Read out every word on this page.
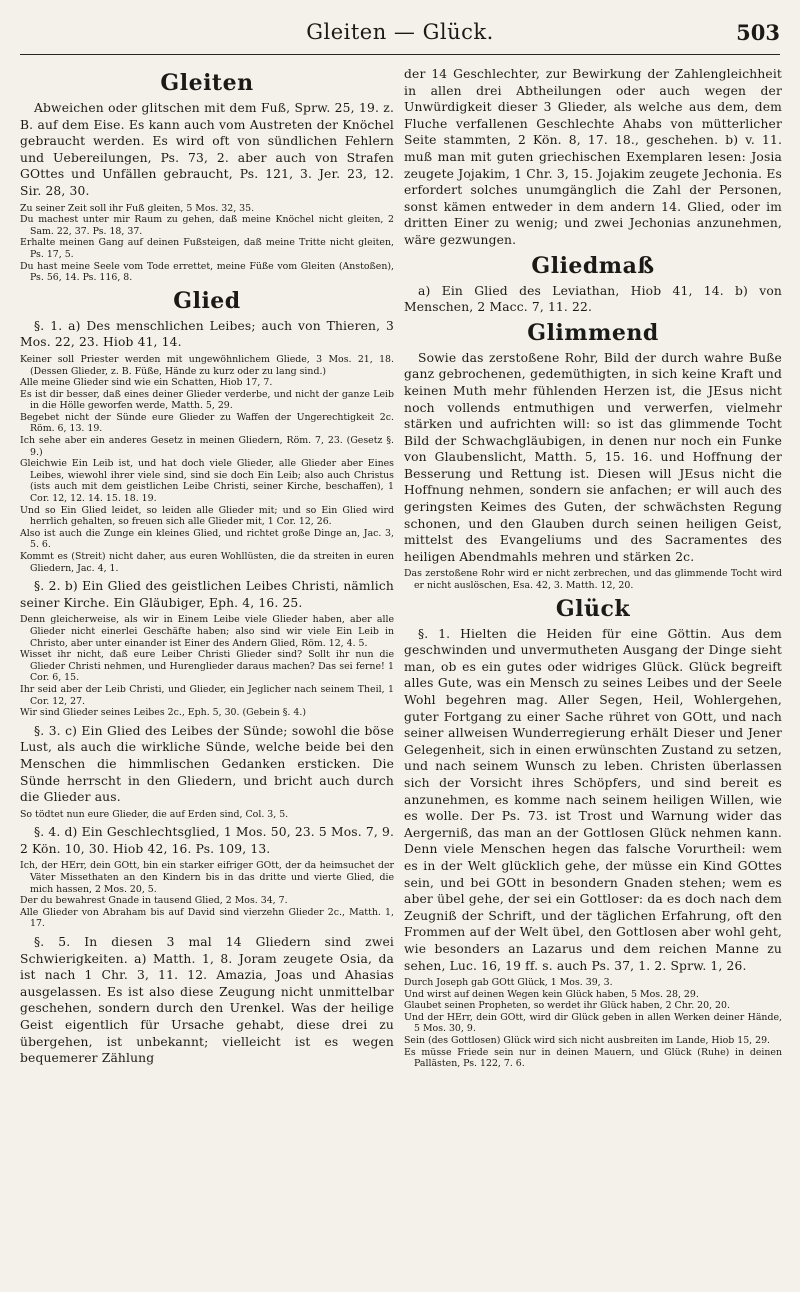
Gleiten — Glück.	503
Gleiten

Abweichen oder glitschen mit dem Fuß, Sprw. 25, 19. z. B. auf dem Eise. Es kann auch vom Austreten der Knöchel gebraucht werden. Es wird oft von sündlichen Fehlern und Uebereilungen, Ps. 73, 2. aber auch von Strafen GOttes und Unfällen gebraucht, Ps. 121, 3. Jer. 23, 12. Sir. 28, 30.

Zu seiner Zeit soll ihr Fuß gleiten, 5 Mos. 32, 35.

Du machest unter mir Raum zu gehen, daß meine Knöchel nicht gleiten, 2 Sam. 22, 37. Ps. 18, 37.

Erhalte meinen Gang auf deinen Fußsteigen, daß meine Tritte nicht gleiten, Ps. 17, 5.

Du hast meine Seele vom Tode errettet, meine Füße vom Gleiten (Anstoßen), Ps. 56, 14. Ps. 116, 8.

Glied

§. 1. a) Des menschlichen Leibes; auch von Thieren, 3 Mos. 22, 23. Hiob 41, 14.

Keiner soll Priester werden mit ungewöhnlichem Gliede, 3 Mos. 21, 18. (Dessen Glieder, z. B. Füße, Hände zu kurz oder zu lang sind.)

Alle meine Glieder sind wie ein Schatten, Hiob 17, 7.

Es ist dir besser, daß eines deiner Glieder verderbe, und nicht der ganze Leib in die Hölle geworfen werde, Matth. 5, 29.

Begebet nicht der Sünde eure Glieder zu Waffen der Ungerechtigkeit 2c. Röm. 6, 13. 19.

Ich sehe aber ein anderes Gesetz in meinen Gliedern, Röm. 7, 23. (Gesetz §. 9.)

Gleichwie Ein Leib ist, und hat doch viele Glieder, alle Glieder aber Eines Leibes, wiewohl ihrer viele sind, sind sie doch Ein Leib; also auch Christus (ists auch mit dem geistlichen Leibe Christi, seiner Kirche, beschaffen), 1 Cor. 12, 12. 14. 15. 18. 19.

Und so Ein Glied leidet, so leiden alle Glieder mit; und so Ein Glied wird herrlich gehalten, so freuen sich alle Glieder mit, 1 Cor. 12, 26.

Also ist auch die Zunge ein kleines Glied, und richtet große Dinge an, Jac. 3, 5. 6.

Kommt es (Streit) nicht daher, aus euren Wohllüsten, die da streiten in euren Gliedern, Jac. 4, 1.

§. 2. b) Ein Glied des geistlichen Leibes Christi, nämlich seiner Kirche. Ein Gläubiger, Eph. 4, 16. 25.

Denn gleicherweise, als wir in Einem Leibe viele Glieder haben, aber alle Glieder nicht einerlei Geschäfte haben; also sind wir viele Ein Leib in Christo, aber unter einander ist Einer des Andern Glied, Röm. 12, 4. 5.

Wisset ihr nicht, daß eure Leiber Christi Glieder sind? Sollt ihr nun die Glieder Christi nehmen, und Hurenglieder daraus machen? Das sei ferne! 1 Cor. 6, 15.

Ihr seid aber der Leib Christi, und Glieder, ein Jeglicher nach seinem Theil, 1 Cor. 12, 27.

Wir sind Glieder seines Leibes 2c., Eph. 5, 30. (Gebein §. 4.)

§. 3. c) Ein Glied des Leibes der Sünde; sowohl die böse Lust, als auch die wirkliche Sünde, welche beide bei den Menschen die himmlischen Gedanken ersticken. Die Sünde herrscht in den Gliedern, und bricht auch durch die Glieder aus.

So tödtet nun eure Glieder, die auf Erden sind, Col. 3, 5.

§. 4. d) Ein Geschlechtsglied, 1 Mos. 50, 23. 5 Mos. 7, 9. 2 Kön. 10, 30. Hiob 42, 16. Ps. 109, 13.

Ich, der HErr, dein GOtt, bin ein starker eifriger GOtt, der da heimsuchet der Väter Missethaten an den Kindern bis in das dritte und vierte Glied, die mich hassen, 2 Mos. 20, 5.

Der du bewahrest Gnade in tausend Glied, 2 Mos. 34, 7.

Alle Glieder von Abraham bis auf David sind vierzehn Glieder 2c., Matth. 1, 17.

§. 5. In diesen 3 mal 14 Gliedern sind zwei Schwierigkeiten. a) Matth. 1, 8. Joram zeugete Osia, da ist nach 1 Chr. 3, 11. 12. Amazia, Joas und Ahasias ausgelassen. Es ist also diese Zeugung nicht unmittelbar geschehen, sondern durch den Urenkel. Was der heilige Geist eigentlich für Ursache gehabt, diese drei zu übergehen, ist unbekannt; vielleicht ist es wegen bequemerer Zählung

der 14 Geschlechter, zur Bewirkung der Zahlengleichheit in allen drei Abtheilungen oder auch wegen der Unwürdigkeit dieser 3 Glieder, als welche aus dem, dem Fluche verfallenen Geschlechte Ahabs von mütterlicher Seite stammten, 2 Kön. 8, 17. 18., geschehen. b) v. 11. muß man mit guten griechischen Exemplaren lesen: Josia zeugete Jojakim, 1 Chr. 3, 15. Jojakim zeugete Jechonia. Es erfordert solches unumgänglich die Zahl der Personen, sonst kämen entweder in dem andern 14. Glied, oder im dritten Einer zu wenig; und zwei Jechonias anzunehmen, wäre gezwungen.

Gliedmaß

a) Ein Glied des Leviathan, Hiob 41, 14. b) von Menschen, 2 Macc. 7, 11. 22.

Glimmend

Sowie das zerstoßene Rohr, Bild der durch wahre Buße ganz gebrochenen, gedemüthigten, in sich keine Kraft und keinen Muth mehr fühlenden Herzen ist, die JEsus nicht noch vollends entmuthigen und verwerfen, vielmehr stärken und aufrichten will: so ist das glimmende Tocht Bild der Schwachgläubigen, in denen nur noch ein Funke von Glaubenslicht, Matth. 5, 15. 16. und Hoffnung der Besserung und Rettung ist. Diesen will JEsus nicht die Hoffnung nehmen, sondern sie anfachen; er will auch des geringsten Keimes des Guten, der schwächsten Regung schonen, und den Glauben durch seinen heiligen Geist, mittelst des Evangeliums und des Sacramentes des heiligen Abendmahls mehren und stärken 2c.

Das zerstoßene Rohr wird er nicht zerbrechen, und das glimmende Tocht wird er nicht auslöschen, Esa. 42, 3. Matth. 12, 20.

Glück

§. 1. Hielten die Heiden für eine Göttin. Aus dem geschwinden und unvermutheten Ausgang der Dinge sieht man, ob es ein gutes oder widriges Glück. Glück begreift alles Gute, was ein Mensch zu seines Leibes und der Seele Wohl begehren mag. Aller Segen, Heil, Wohlergehen, guter Fortgang zu einer Sache rühret von GOtt, und nach seiner allweisen Wunderregierung erhält Dieser und Jener Gelegenheit, sich in einen erwünschten Zustand zu setzen, und nach seinem Wunsch zu leben. Christen überlassen sich der Vorsicht ihres Schöpfers, und sind bereit es anzunehmen, es komme nach seinem heiligen Willen, wie es wolle. Der Ps. 73. ist Trost und Warnung wider das Aergerniß, das man an der Gottlosen Glück nehmen kann. Denn viele Menschen hegen das falsche Vorurtheil: wem es in der Welt glücklich gehe, der müsse ein Kind GOttes sein, und bei GOtt in besondern Gnaden stehen; wem es aber übel gehe, der sei ein Gottloser: da es doch nach dem Zeugniß der Schrift, und der täglichen Erfahrung, oft den Frommen auf der Welt übel, den Gottlosen aber wohl geht, wie besonders an Lazarus und dem reichen Manne zu sehen, Luc. 16, 19 ff. s. auch Ps. 37, 1. 2. Sprw. 1, 26.

Durch Joseph gab GOtt Glück, 1 Mos. 39, 3.

Und wirst auf deinen Wegen kein Glück haben, 5 Mos. 28, 29.

Glaubet seinen Propheten, so werdet ihr Glück haben, 2 Chr. 20, 20.

Und der HErr, dein GOtt, wird dir Glück geben in allen Werken deiner Hände, 5 Mos. 30, 9.

Sein (des Gottlosen) Glück wird sich nicht ausbreiten im Lande, Hiob 15, 29.

Es müsse Friede sein nur in deinen Mauern, und Glück (Ruhe) in deinen Pallästen, Ps. 122, 7. 6.
